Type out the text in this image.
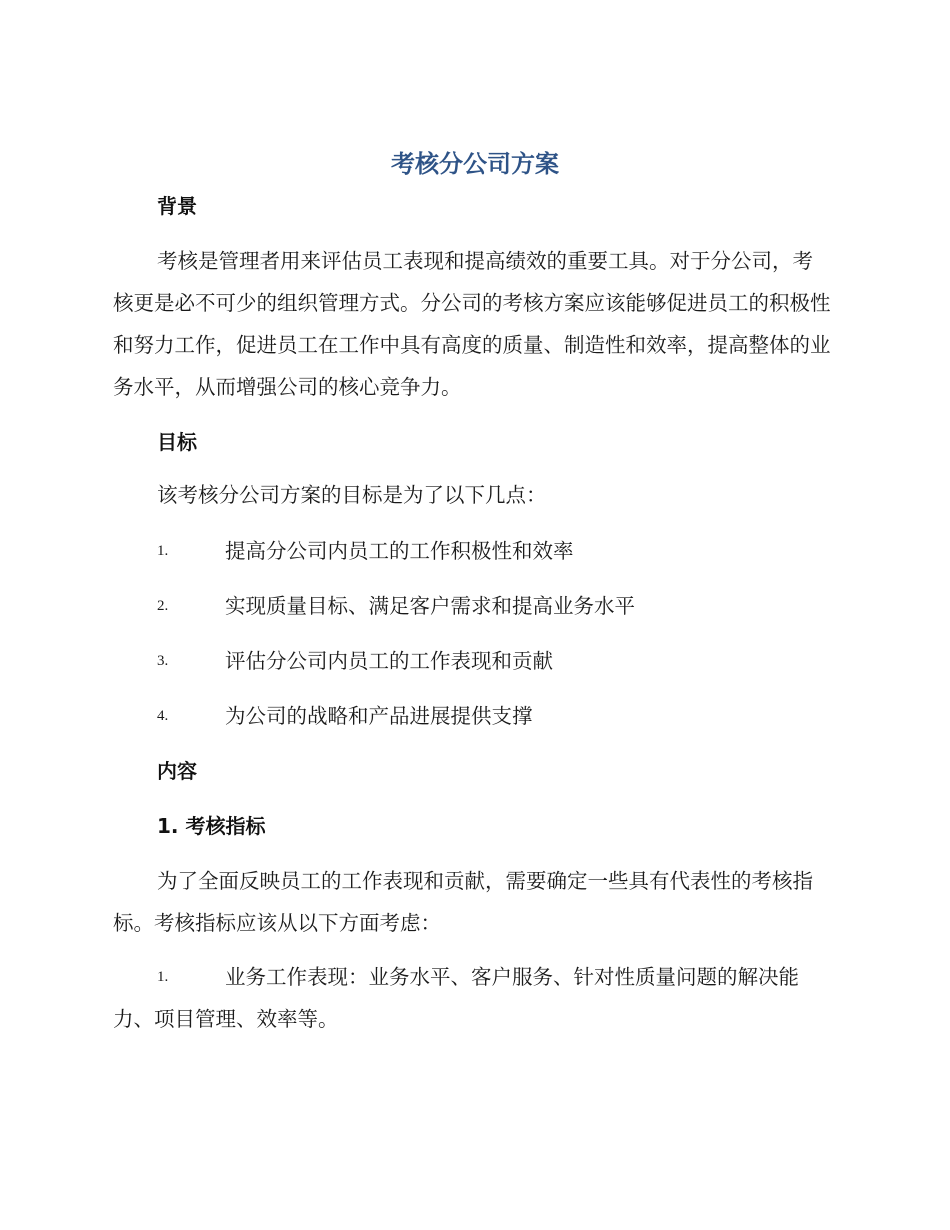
考核分公司方案
背景

考核是管理者用来评估员工表现和提高绩效的重要工具。对于分公司，考核更是必不可少的组织管理方式。分公司的考核方案应该能够促进员工的积极性和努力工作，促进员工在工作中具有高度的质量、制造性和效率，提高整体的业务水平，从而增强公司的核心竞争力。

目标
该考核分公司方案的目标是为了以下几点：
1.	提高分公司内员工的工作积极性和效率
2.	实现质量目标、满足客户需求和提高业务水平
3.	评估分公司内员工的工作表现和贡献
4.	为公司的战略和产品进展提供支撑
内容
1. 考核指标

为了全面反映员工的工作表现和贡献，需要确定一些具有代表性的考核指标。考核指标应该从以下方面考虑：

1.	业务工作表现：业务水平、客户服务、针对性质量问题的解决能力、项目管理、效率等。
